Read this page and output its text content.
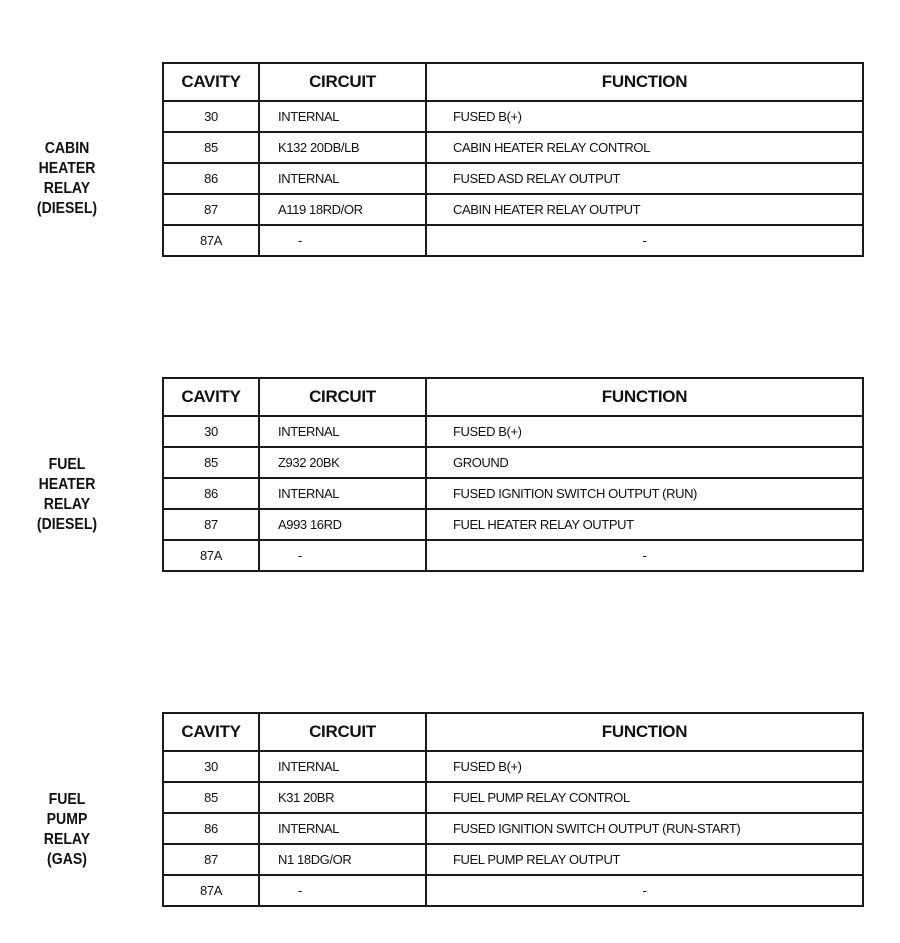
CABIN
HEATER
RELAY
(DIESEL)
CAVITY	CIRCUIT	FUNCTION
30	INTERNAL	FUSED B(+)
85	K132 20DB/LB	CABIN HEATER RELAY CONTROL
86	INTERNAL	FUSED ASD RELAY OUTPUT
87	A119 18RD/OR	CABIN HEATER RELAY OUTPUT
87A	-	-
FUEL
HEATER
RELAY
(DIESEL)
CAVITY	CIRCUIT	FUNCTION
30	INTERNAL	FUSED B(+)
85	Z932 20BK	GROUND
86	INTERNAL	FUSED IGNITION SWITCH OUTPUT (RUN)
87	A993 16RD	FUEL HEATER RELAY OUTPUT
87A	-	-
FUEL
PUMP
RELAY
(GAS)
CAVITY	CIRCUIT	FUNCTION
30	INTERNAL	FUSED B(+)
85	K31 20BR	FUEL PUMP RELAY CONTROL
86	INTERNAL	FUSED IGNITION SWITCH OUTPUT (RUN-START)
87	N1 18DG/OR	FUEL PUMP RELAY OUTPUT
87A	-	-
